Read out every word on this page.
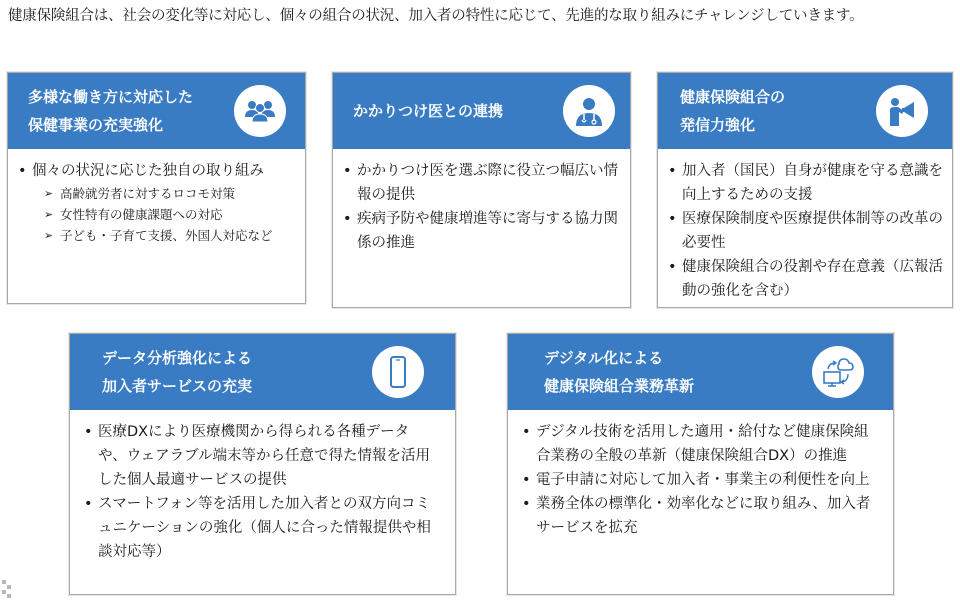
健康保険組合は、社会の変化等に対応し、個々の組合の状況、加入者の特性に応じて、先進的な取り組みにチャレンジしていきます。
多様な働き方に対応した
保健事業の充実強化
• 個々の状況に応じた独自の取り組み
➢ 高齢就労者に対するロコモ対策
➢ 女性特有の健康課題への対応
➢ 子ども・子育て支援、外国人対応など
かかりつけ医との連携
• かかりつけ医を選ぶ際に役立つ幅広い情報の提供
• 疾病予防や健康増進等に寄与する協力関係の推進
健康保険組合の
発信力強化
• 加入者（国民）自身が健康を守る意識を向上するための支援
• 医療保険制度や医療提供体制等の改革の必要性
• 健康保険組合の役割や存在意義（広報活動の強化を含む）
データ分析強化による
加入者サービスの充実
• 医療DXにより医療機関から得られる各種データや、ウェアラブル端末等から任意で得た情報を活用した個人最適サービスの提供
• スマートフォン等を活用した加入者との双方向コミュニケーションの強化（個人に合った情報提供や相談対応等）
デジタル化による
健康保険組合業務革新
• デジタル技術を活用した適用・給付など健康保険組合業務の全般の革新（健康保険組合DX）の推進
• 電子申請に対応して加入者・事業主の利便性を向上
• 業務全体の標準化・効率化などに取り組み、加入者サービスを拡充
